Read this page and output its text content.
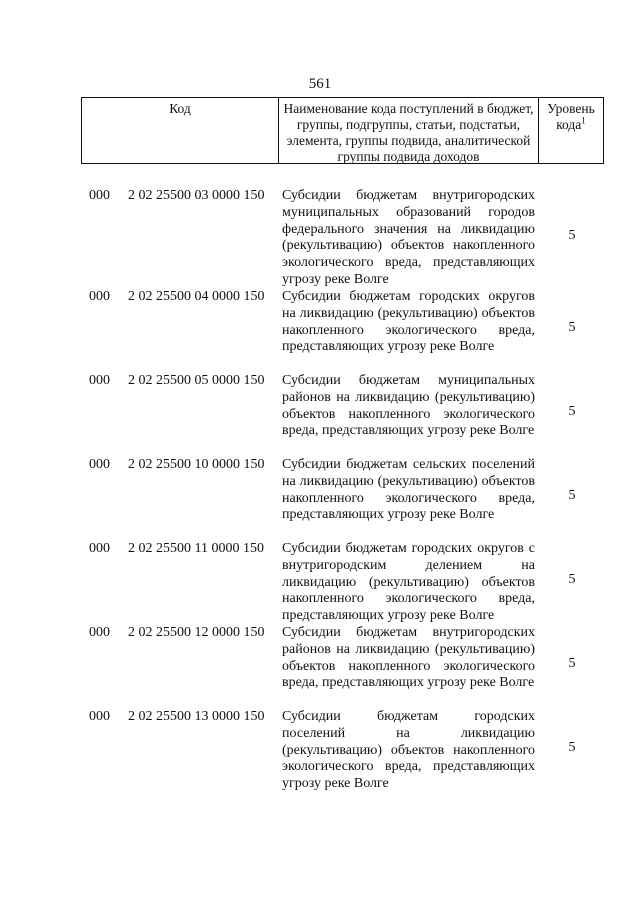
561
Код	Наименование кода поступлений в бюджет, группы, подгруппы, статьи, подстатьи, элемента, группы подвида, аналитической группы подвида доходов
Уровень кода$^1$
000 2 02 25500 03 0000 150 Субсидии бюджетам внутригородских муниципальных образований городов федерального значения на ликвидацию (рекультивацию) объектов накопленного экологического вреда, представляющих угрозу реке Волге
5
000 2 02 25500 04 0000 150 Субсидии бюджетам городских округов на ликвидацию (рекультивацию) объектов накопленного экологического вреда, представляющих угрозу реке Волге
5
000 2 02 25500 05 0000 150 Субсидии бюджетам муниципальных районов на ликвидацию (рекультивацию) объектов накопленного экологического вреда, представляющих угрозу реке Волге
5
000 2 02 25500 10 0000 150 Субсидии бюджетам сельских поселений на ликвидацию (рекультивацию) объектов накопленного экологического вреда, представляющих угрозу реке Волге
5
000 2 02 25500 11 0000 150 Субсидии бюджетам городских округов с внутригородским делением на ликвидацию (рекультивацию) объектов накопленного экологического вреда, представляющих угрозу реке Волге
5
000 2 02 25500 12 0000 150 Субсидии бюджетам внутригородских районов на ликвидацию (рекультивацию) объектов накопленного экологического вреда, представляющих угрозу реке Волге
5
000 2 02 25500 13 0000 150 Субсидии бюджетам городских поселений на ликвидацию (рекультивацию) объектов накопленного экологического вреда, представляющих угрозу реке Волге
5
